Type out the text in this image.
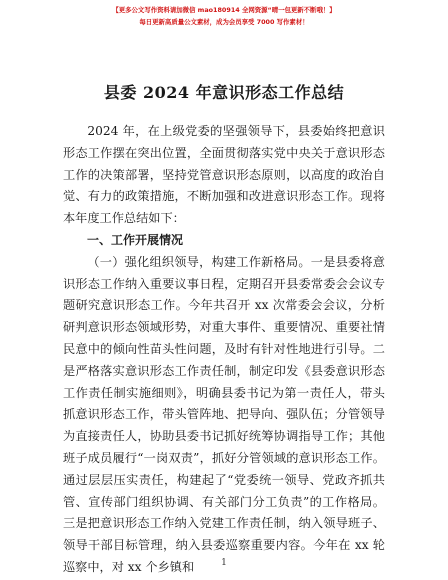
【更多公文写作资料请加微信 mao180914 全网资源“晴一包更新不断哦！】
每日更新高质量公文素材，成为会员享受 7000 写作素材！
县委 2024 年意识形态工作总结

2024 年，在上级党委的坚强领导下，县委始终把意识形态工作摆在突出位置，全面贯彻落实党中央关于意识形态工作的决策部署，坚持党管意识形态原则，以高度的政治自觉、有力的政策措施，不断加强和改进意识形态工作。现将本年度工作总结如下：

一、工作开展情况

（一）强化组织领导，构建工作新格局。一是县委将意识形态工作纳入重要议事日程，定期召开县委常委会会议专题研究意识形态工作。今年共召开 xx 次常委会会议，分析研判意识形态领域形势，对重大事件、重要情况、重要社情民意中的倾向性苗头性问题，及时有针对性地进行引导。二是严格落实意识形态工作责任制，制定印发《县委意识形态工作责任制实施细则》，明确县委书记为第一责任人，带头抓意识形态工作，带头管阵地、把导向、强队伍；分管领导为直接责任人，协助县委书记抓好统筹协调指导工作；其他班子成员履行“一岗双责”，抓好分管领域的意识形态工作。通过层层压实责任，构建起了“党委统一领导、党政齐抓共管、宣传部门组织协调、有关部门分工负责”的工作格局。三是把意识形态工作纳入党建工作责任制，纳入领导班子、领导干部目标管理，纳入县委巡察重要内容。今年在 xx 轮巡察中，对 xx 个乡镇和	1
